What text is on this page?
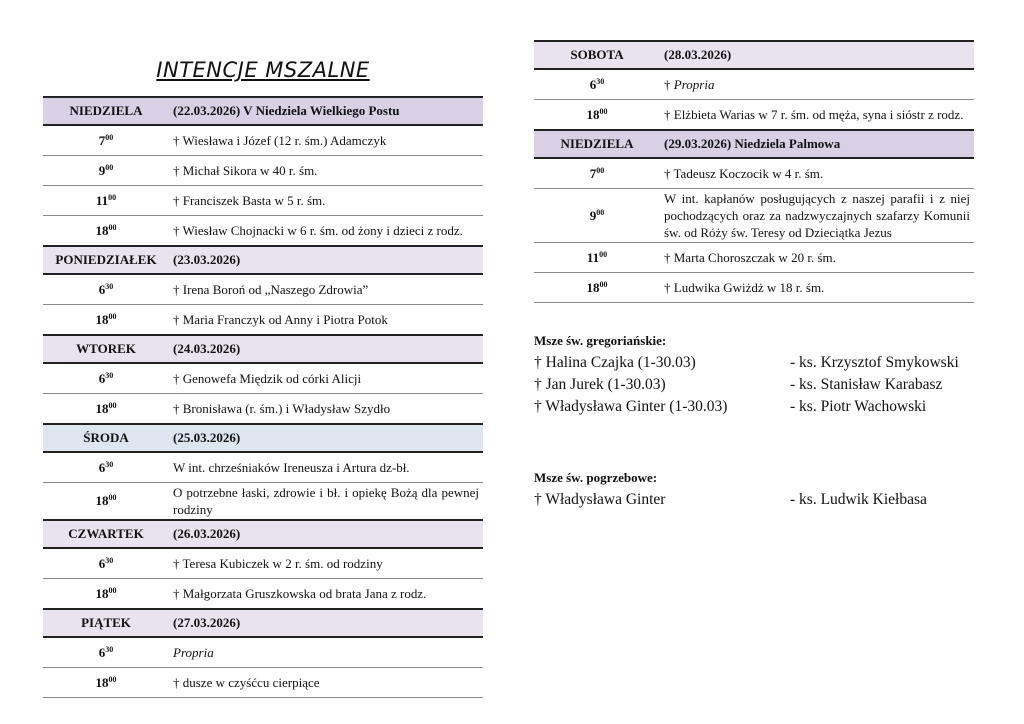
INTENCJE MSZALNE
NIEDZIELA	(22.03.2026) V Niedziela Wielkiego Postu
$7^{00}$	† Wiesława i Józef (12 r. śm.) Adamczyk
$9^{00}$	† Michał Sikora w 40 r. śm.
$11^{00}$	† Franciszek Basta w 5 r. śm.
$18^{00}$	† Wiesław Chojnacki w 6 r. śm. od żony i dzieci z rodz.
PONIEDZIAŁEK	(23.03.2026)
$6^{30}$	† Irena Boroń od „Naszego Zdrowia”
$18^{00}$	† Maria Franczyk od Anny i Piotra Potok
WTOREK	(24.03.2026)
$6^{30}$	† Genowefa Międzik od córki Alicji
$18^{00}$	† Bronisława (r. śm.) i Władysław Szydło
ŚRODA	(25.03.2026)
$6^{30}$	W int. chrześniaków Ireneusza i Artura dz-bł.
$18^{00}$	O potrzebne łaski, zdrowie i bł. i opiekę Bożą dla pewnej rodziny
CZWARTEK	(26.03.2026)
$6^{30}$	† Teresa Kubiczek w 2 r. śm. od rodziny
$18^{00}$	† Małgorzata Gruszkowska od brata Jana z rodz.
PIĄTEK	(27.03.2026)
$6^{30}$	Propria
$18^{00}$	† dusze w czyśćcu cierpiące
SOBOTA	(28.03.2026)
$6^{30}$	† Propria
$18^{00}$	† Elżbieta Warias w 7 r. śm. od męża, syna i sióstr z rodz.
NIEDZIELA	(29.03.2026) Niedziela Palmowa
$7^{00}$	† Tadeusz Koczocik w 4 r. śm.
$9^{00}$	W int. kapłanów posługujących z naszej parafii i z niej pochodzących oraz za nadzwyczajnych szafarzy Komunii św. od Róży św. Teresy od Dzieciątka Jezus
$11^{00}$	† Marta Choroszczak w 20 r. śm.
$18^{00}$	† Ludwika Gwiżdż w 18 r. śm.
Msze św. gregoriańskie:
† Halina Czajka (1-30.03)	- ks. Krzysztof Smykowski
† Jan Jurek (1-30.03)	- ks. Stanisław Karabasz
† Władysława Ginter (1-30.03)	- ks. Piotr Wachowski
Msze św. pogrzebowe:
† Władysława Ginter	- ks. Ludwik Kiełbasa
